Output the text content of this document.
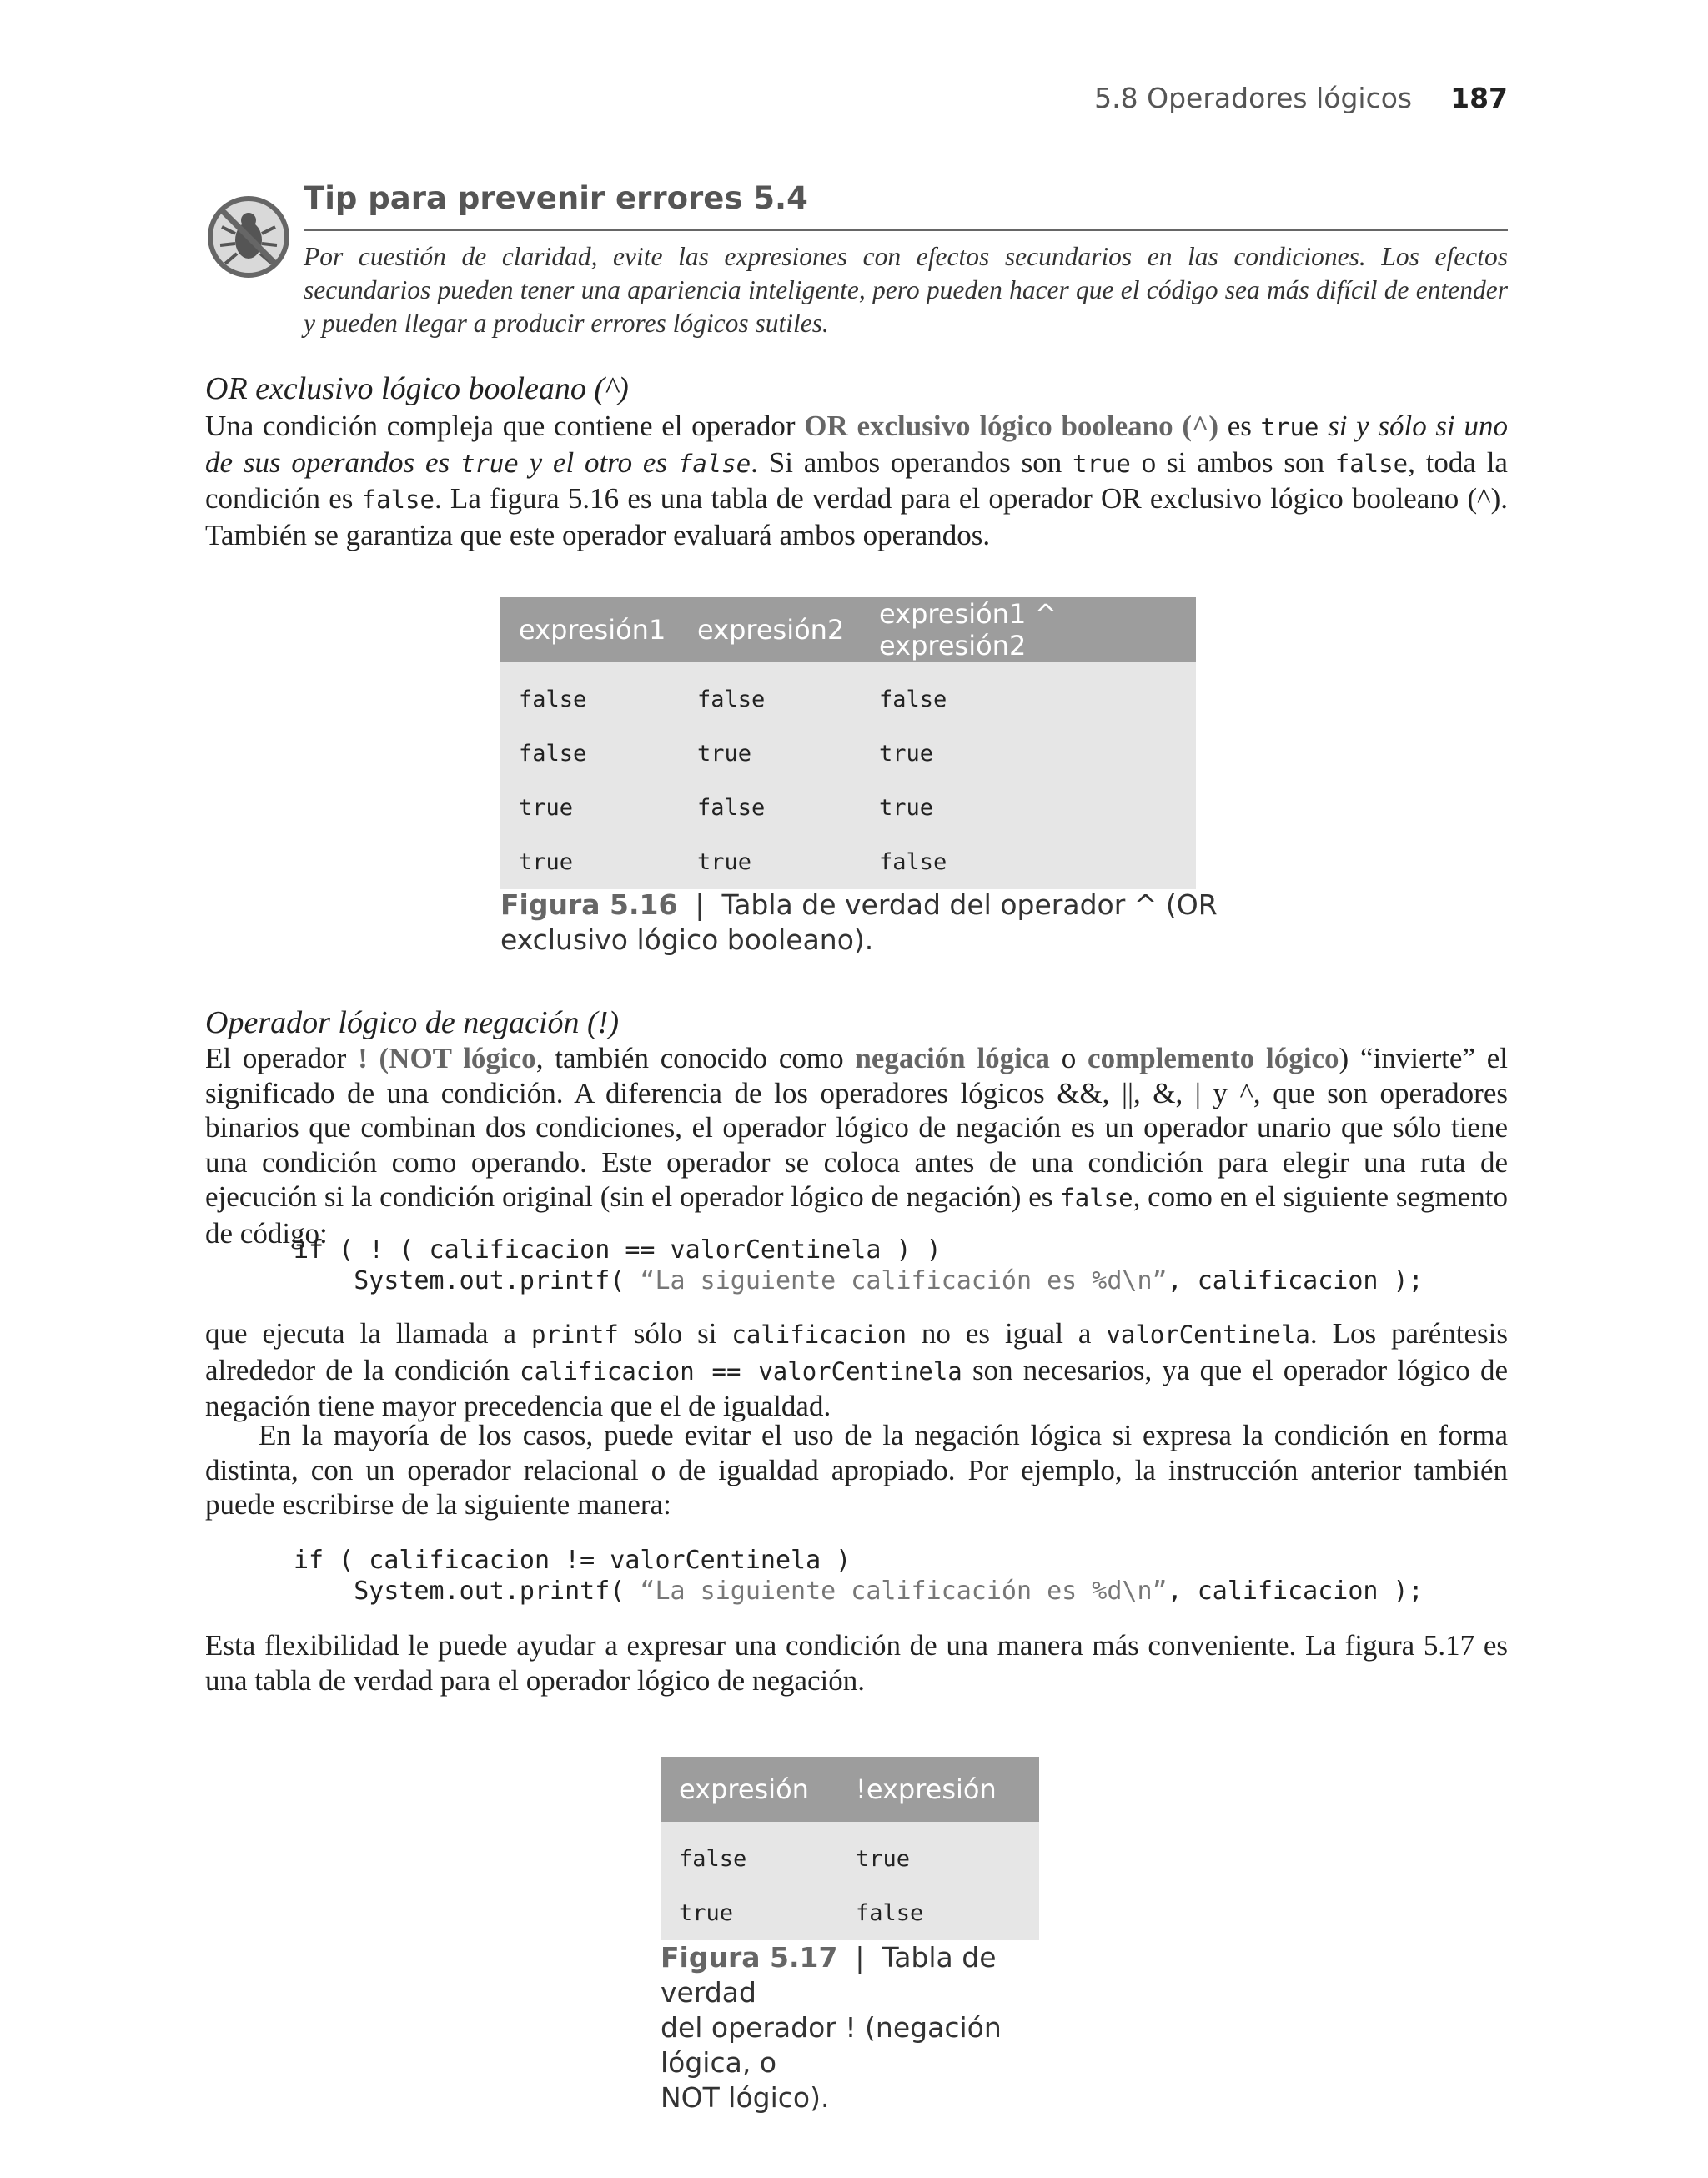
5.8 Operadores lógicos 187
Tip para prevenir errores 5.4
Por cuestión de claridad, evite las expresiones con efectos secundarios en las condiciones. Los efectos secundarios pueden tener una apariencia inteligente, pero pueden hacer que el código sea más difícil de entender y pueden llegar a producir errores lógicos sutiles.
OR exclusivo lógico booleano (^)
Una condición compleja que contiene el operador OR exclusivo lógico booleano (^) es true si y sólo si uno de sus operandos es true y el otro es false. Si ambos operandos son true o si ambos son false, toda la condición es false. La figura 5.16 es una tabla de verdad para el operador OR exclusivo lógico booleano (^). También se garantiza que este operador evaluará ambos operandos.
expresión1	expresión2	expresión1 ^ expresión2
false	false	false
false	true	true
true	false	true
true	true	false
Figura 5.16 | Tabla de verdad del operador ^ (OR exclusivo lógico booleano).
Operador lógico de negación (!)
El operador ! (NOT lógico, también conocido como negación lógica o complemento lógico) “invierte” el significado de una condición. A diferencia de los operadores lógicos &&, ||, &, | y ^, que son operadores binarios que combinan dos condiciones, el operador lógico de negación es un operador unario que sólo tiene una condición como operando. Este operador se coloca antes de una condición para elegir una ruta de ejecución si la condición original (sin el operador lógico de negación) es false, como en el siguiente segmento de código:
if ( ! ( calificacion == valorCentinela ) )
System.out.printf( “La siguiente calificación es %d\n”, calificacion );
que ejecuta la llamada a printf sólo si calificacion no es igual a valorCentinela. Los paréntesis alrededor de la condición calificacion == valorCentinela son necesarios, ya que el operador lógico de negación tiene mayor precedencia que el de igualdad.
En la mayoría de los casos, puede evitar el uso de la negación lógica si expresa la condición en forma distinta, con un operador relacional o de igualdad apropiado. Por ejemplo, la instrucción anterior también puede escribirse de la siguiente manera:
if ( calificacion != valorCentinela )
System.out.printf( “La siguiente calificación es %d\n”, calificacion );
Esta flexibilidad le puede ayudar a expresar una condición de una manera más conveniente. La figura 5.17 es una tabla de verdad para el operador lógico de negación.
expresión	!expresión
false	true
true	false
Figura 5.17 | Tabla de verdad
del operador ! (negación lógica, o
NOT lógico).
